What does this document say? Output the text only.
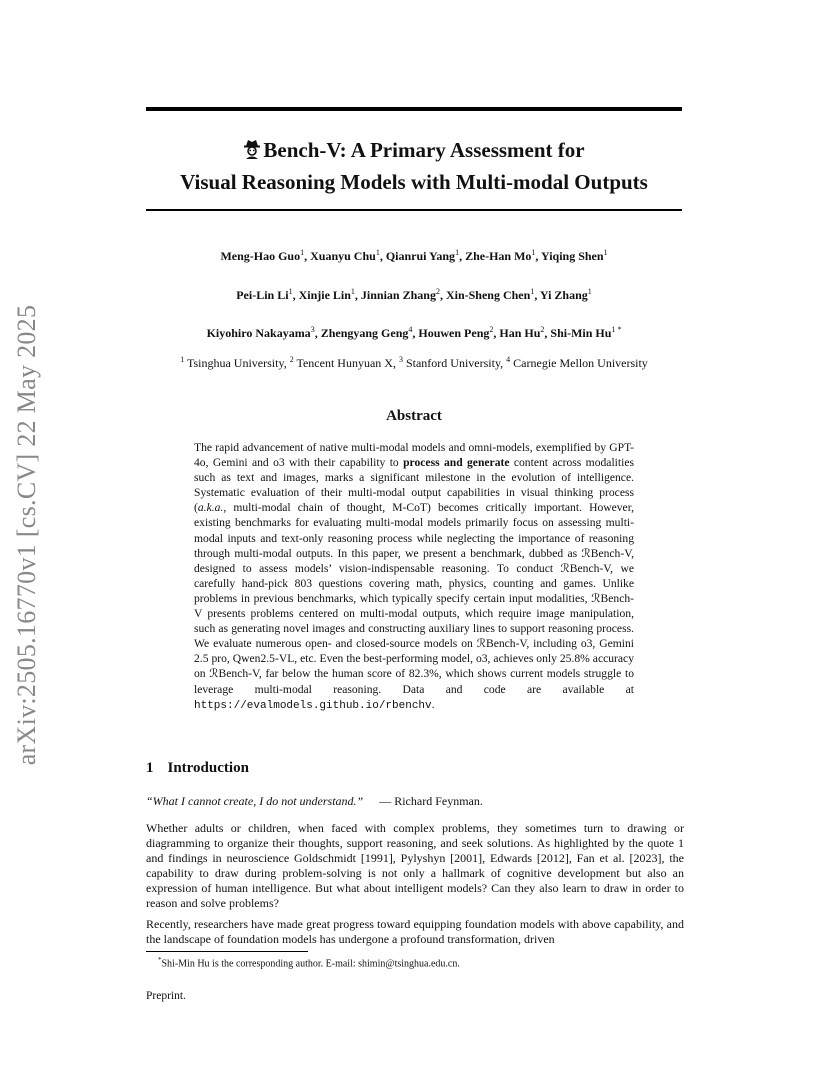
arXiv:2505.16770v1 [cs.CV] 22 May 2025

Bench-V: A Primary Assessment for
Visual Reasoning Models with Multi-modal Outputs

Meng-Hao Guo$^1$, Xuanyu Chu$^1$, Qianrui Yang$^1$, Zhe-Han Mo$^1$, Yiqing Shen$^1$

Pei-Lin Li$^1$, Xinjie Lin$^1$, Jinnian Zhang$^2$, Xin-Sheng Chen$^1$, Yi Zhang$^1$

Kiyohiro Nakayama$^3$, Zhengyang Geng$^4$, Houwen Peng$^2$, Han Hu$^2$, Shi-Min $Hu^{1 *}$

$^1$ Tsinghua University, $^2$ Tencent Hunyuan X, $^3$ Stanford University, $^4$ Carnegie Mellon University

Abstract

The rapid advancement of native multi-modal models and omni-models, exemplified by GPT-4o, Gemini and o3 with their capability to process and generate content across modalities such as text and images, marks a significant milestone in the evolution of intelligence. Systematic evaluation of their multi-modal output capabilities in visual thinking process (a.k.a., multi-modal chain of thought, M-CoT) becomes critically important. However, existing benchmarks for evaluating multi-modal models primarily focus on assessing multi-modal inputs and text-only reasoning process while neglecting the importance of reasoning through multi-modal outputs. In this paper, we present a benchmark, dubbed as ℛBench-V, designed to assess models’ vision-indispensable reasoning. To conduct ℛBench-V, we carefully hand-pick 803 questions covering math, physics, counting and games. Unlike problems in previous benchmarks, which typically specify certain input modalities, ℛBench-V presents problems centered on multi-modal outputs, which require image manipulation, such as generating novel images and constructing auxiliary lines to support reasoning process. We evaluate numerous open- and closed-source models on ℛBench-V, including o3, Gemini 2.5 pro, Qwen2.5-VL, etc. Even the best-performing model, o3, achieves only 25.8% accuracy on ℛBench-V, far below the human score of 82.3%, which shows current models struggle to leverage multi-modal reasoning. Data and code are available at https://evalmodels.github.io/rbenchv.

1 Introduction

“What I cannot create, I do not understand.” — Richard Feynman.

Whether adults or children, when faced with complex problems, they sometimes turn to drawing or diagramming to organize their thoughts, support reasoning, and seek solutions. As highlighted by the quote 1 and findings in neuroscience Goldschmidt [1991], Pylyshyn [2001], Edwards [2012], Fan et al. [2023], the capability to draw during problem-solving is not only a hallmark of cognitive development but also an expression of human intelligence. But what about intelligent models? Can they also learn to draw in order to reason and solve problems?

Recently, researchers have made great progress toward equipping foundation models with above capability, and the landscape of foundation models has undergone a profound transformation, driven

*Shi-Min Hu is the corresponding author. E-mail: shimin@tsinghua.edu.cn.

Preprint.
